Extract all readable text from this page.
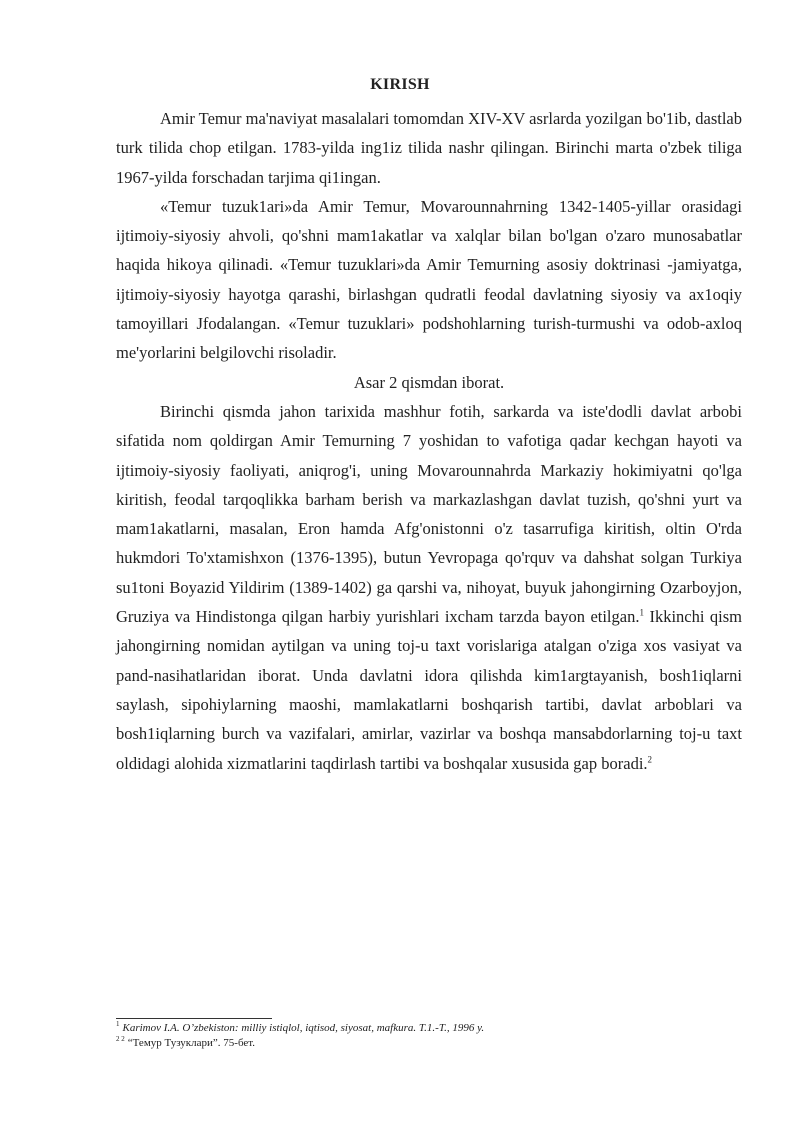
KIRISH

Amir Temur ma'naviyat masalalari tomomdan XIV-XV asrlarda yozilgan bo'1ib, dastlab turk tilida chop etilgan. 1783-yilda ing1iz tilida nashr qilingan. Birinchi marta o'zbek tiliga 1967-yilda forschadan tarjima qi1ingan.

«Temur tuzuk1ari»da Amir Temur, Movarounnahrning 1342-1405-yillar orasidagi ijtimoiy-siyosiy ahvoli, qo'shni mam1akatlar va xalqlar bilan bo'lgan o'zaro munosabatlar haqida hikoya qilinadi. «Temur tuzuklari»da Amir Temurning asosiy doktrinasi -jamiyatga, ijtimoiy-siyosiy hayotga qarashi, birlashgan qudratli feodal davlatning siyosiy va ax1oqiy tamoyillari Jfodalangan. «Temur tuzuklari» podshohlarning turish-turmushi va odob-axloq me'yorlarini belgilovchi risoladir.

Asar 2 qismdan iborat.

Birinchi qismda jahon tarixida mashhur fotih, sarkarda va iste'dodli davlat arbobi sifatida nom qoldirgan Amir Temurning 7 yoshidan to vafotiga qadar kechgan hayoti va ijtimoiy-siyosiy faoliyati, aniqrog'i, uning Movarounnahrda Markaziy hokimiyatni qo'lga kiritish, feodal tarqoqlikka barham berish va markazlashgan davlat tuzish, qo'shni yurt va mam1akatlarni, masalan, Eron hamda Afg'onistonni o'z tasarrufiga kiritish, oltin O'rda hukmdori To'xtamishxon (1376-1395), butun Yevropaga qo'rquv va dahshat solgan Turkiya su1toni Boyazid Yildirim (1389-1402) ga qarshi va, nihoyat, buyuk jahongirning Ozarboyjon, Gruziya va Hindistonga qilgan harbiy yurishlari ixcham tarzda bayon etilgan.$^1$ Ikkinchi qism jahongirning nomidan aytilgan va uning toj-u taxt vorislariga atalgan o'ziga xos vasiyat va pand-nasihatlaridan iborat. Unda davlatni idora qilishda kim1argtayanish, bosh1iqlarni saylash, sipohiylarning maoshi, mamlakatlarni boshqarish tartibi, davlat arboblari va bosh1iqlarning burch va vazifalari, amirlar, vazirlar va boshqa mansabdorlarning toj-u taxt oldidagi alohida xizmatlarini taqdirlash tartibi va boshqalar xususida gap boradi.$^2$

$^1$ Karimov I.A. O’zbekiston: milliy istiqlol, iqtisod, siyosat, mafkura. T.1.-T., 1996 y.
$^{2 2}$ “Темур Тузуклари”. 75-бет.
